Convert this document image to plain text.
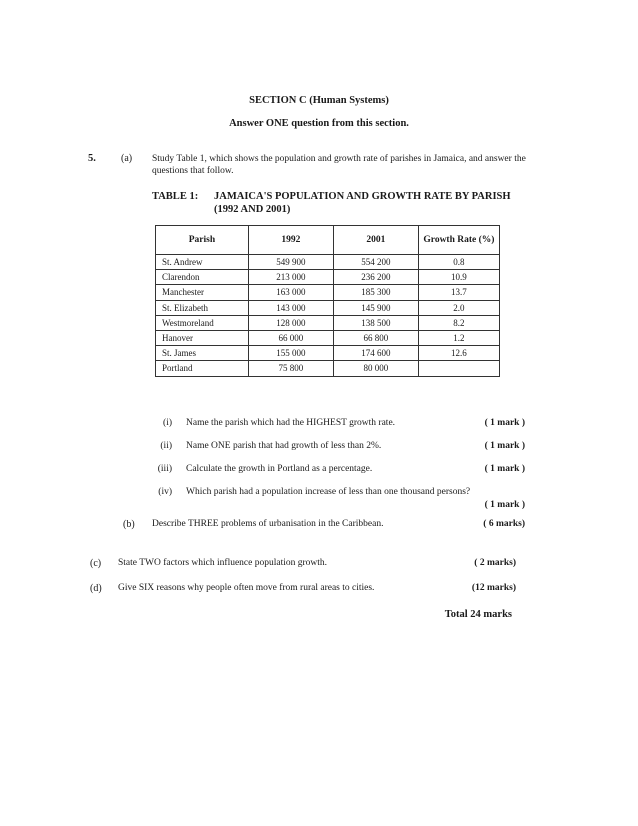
SECTION C (Human Systems)
Answer ONE question from this section.
5.	(a) Study Table 1, which shows the population and growth rate of parishes in Jamaica, and answer the questions that follow.
TABLE 1: JAMAICA'S POPULATION AND GROWTH RATE BY PARISH
(1992 AND 2001)
Parish	1992	2001	Growth Rate (%)
St. Andrew	549 900	554 200	0.8
Clarendon	213 000	236 200	10.9
Manchester	163 000	185 300	13.7
St. Elizabeth	143 000	145 900	2.0
Westmoreland	128 000	138 500	8.2
Hanover	66 000	66 800	1.2
St. James	155 000	174 600	12.6
Portland	75 800	80 000	
(i) Name the parish which had the HIGHEST growth rate.	( 1 mark )
(ii) Name ONE parish that had growth of less than 2%.	( 1 mark )
(iii) Calculate the growth in Portland as a percentage.	( 1 mark )
(iv) Which parish had a population increase of less than one thousand persons?
( 1 mark )
(b) Describe THREE problems of urbanisation in the Caribbean.	( 6 marks)
(c) State TWO factors which influence population growth.	( 2 marks)
(d) Give SIX reasons why people often move from rural areas to cities.	(12 marks)
Total 24 marks
